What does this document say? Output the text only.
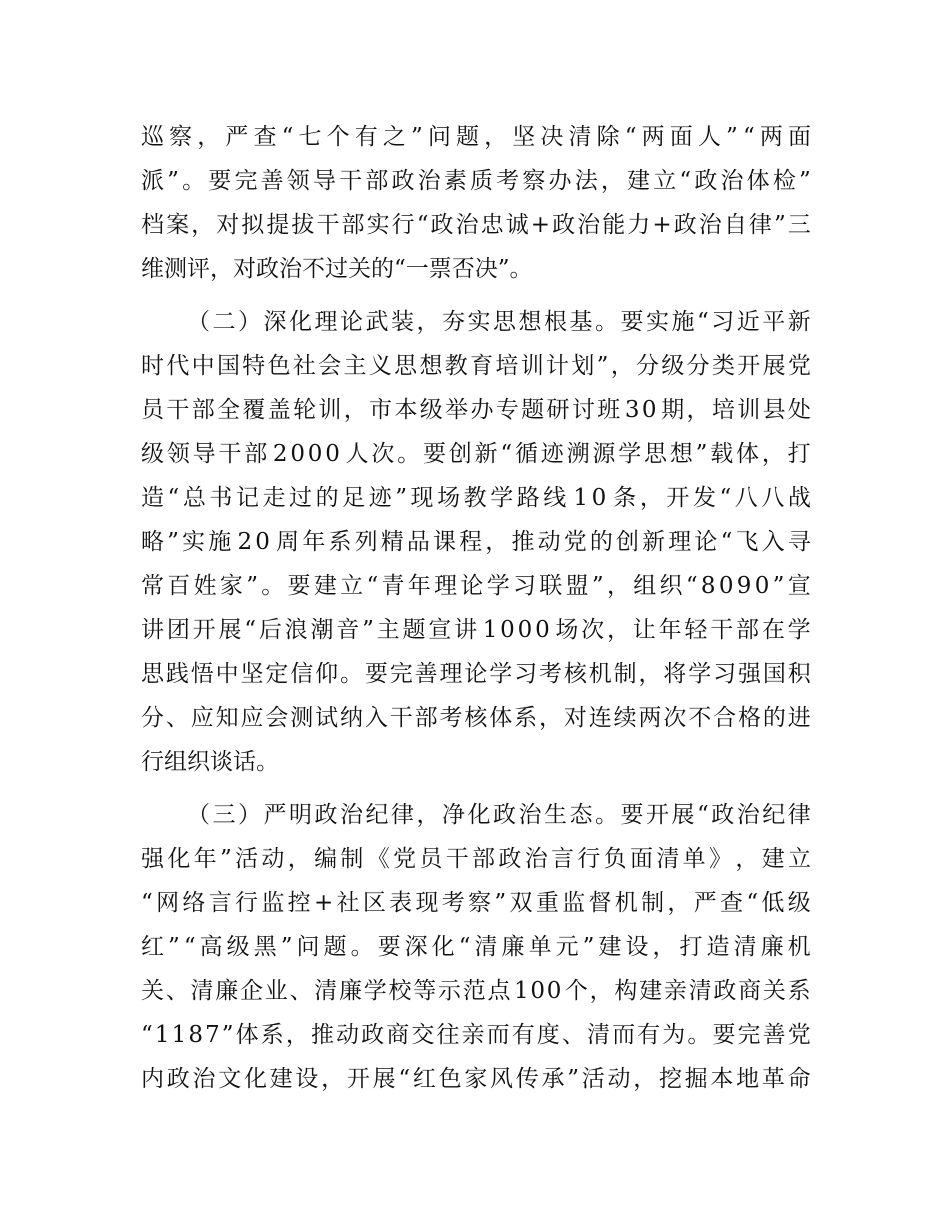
巡 察 ， 严 查 “ 七 个 有 之 ” 问 题 ， 坚 决 清 除 “ 两 面 人 ” “ 两 面
派 ” 。 要 完 善 领 导 干 部 政 治 素 质 考 察 办 法 ， 建 立 “ 政 治 体 检 ”
档 案 ， 对 拟 提 拔 干 部 实 行 “ 政 治 忠 诚 + 政 治 能 力 + 政 治 自 律 ” 三
维测评，对政治不过关的“一票否决”。
（ 二 ） 深 化 理 论 武 装 ， 夯 实 思 想 根 基 。 要 实 施 “ 习 近 平 新
时 代 中 国 特 色 社 会 主 义 思 想 教 育 培 训 计 划 ” ， 分 级 分 类 开 展 党
员 干 部 全 覆 盖 轮 训 ， 市 本 级 举 办 专 题 研 讨 班 3 0 期 ， 培 训 县 处
级 领 导 干 部 2 0 0 0 人 次 。 要 创 新 “ 循 迹 溯 源 学 思 想 ” 载 体 ， 打
造 “ 总 书 记 走 过 的 足 迹 ” 现 场 教 学 路 线 1 0 条 ， 开 发 “ 八 八 战
略 ” 实 施 2 0 周 年 系 列 精 品 课 程 ， 推 动 党 的 创 新 理 论 “ 飞 入 寻
常 百 姓 家 ” 。 要 建 立 “ 青 年 理 论 学 习 联 盟 ” ， 组 织 “ 8 0 9 0 ” 宣
讲 团 开 展 “ 后 浪 潮 音 ” 主 题 宣 讲 1 0 0 0 场 次 ， 让 年 轻 干 部 在 学
思 践 悟 中 坚 定 信 仰 。 要 完 善 理 论 学 习 考 核 机 制 ， 将 学 习 强 国 积
分 、 应 知 应 会 测 试 纳 入 干 部 考 核 体 系 ， 对 连 续 两 次 不 合 格 的 进
行组织谈话。
（ 三 ） 严 明 政 治 纪 律 ， 净 化 政 治 生 态 。 要 开 展 “ 政 治 纪 律
强 化 年 ” 活 动 ， 编 制 《 党 员 干 部 政 治 言 行 负 面 清 单 》 ， 建 立
“ 网 络 言 行 监 控 + 社 区 表 现 考 察 ” 双 重 监 督 机 制 ， 严 查 “ 低 级
红 ” “ 高 级 黑 ” 问 题 。 要 深 化 “ 清 廉 单 元 ” 建 设 ， 打 造 清 廉 机
关 、 清 廉 企 业 、 清 廉 学 校 等 示 范 点 1 0 0 个 ， 构 建 亲 清 政 商 关 系
“ 1 1 8 7 ” 体 系 ， 推 动 政 商 交 往 亲 而 有 度 、 清 而 有 为 。 要 完 善 党
内 政 治 文 化 建 设 ， 开 展 “ 红 色 家 风 传 承 ” 活 动 ， 挖 掘 本 地 革 命
